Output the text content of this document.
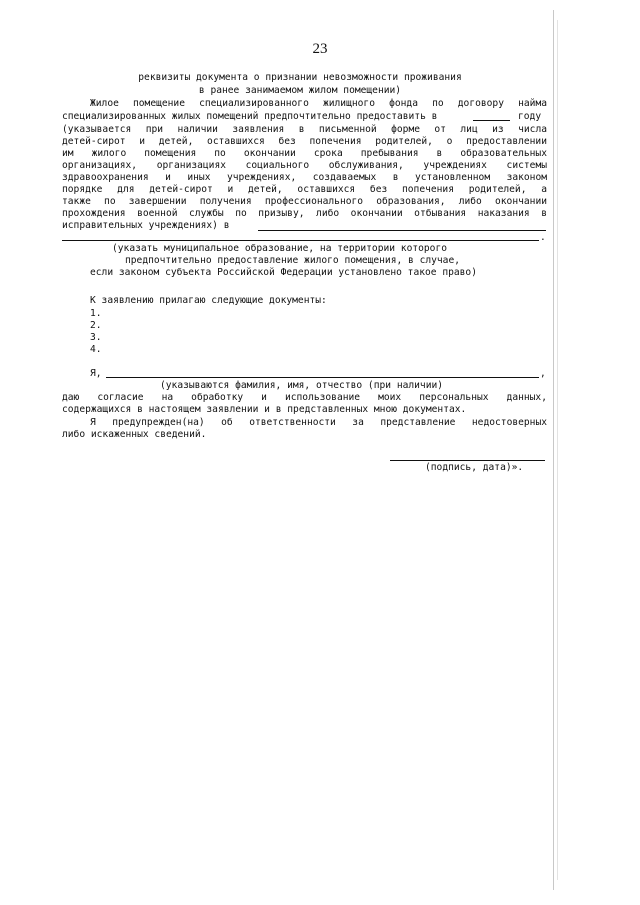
23
реквизиты документа о признании невозможности проживания
в ранее занимаемом жилом помещении)
Жилое помещение специализированного жилищного фонда по договору найма
специализированных жилых помещений предпочтительно предоставить в	году
(указывается при наличии заявления в письменной форме от лиц из числа
детей-сирот и детей, оставшихся без попечения родителей, о предоставлении
им жилого помещения по окончании срока пребывания в образовательных
организациях, организациях социального обслуживания, учреждениях системы
здравоохранения и иных учреждениях, создаваемых в установленном законом
порядке для детей-сирот и детей, оставшихся без попечения родителей, а
также по завершении получения профессионального образования, либо окончании
прохождения военной службы по призыву, либо окончании отбывания наказания в
исправительных учреждениях) в
.
(указать муниципальное образование, на территории которого
предпочтительно предоставление жилого помещения, в случае,
если законом субъекта Российской Федерации установлено такое право)
К заявлению прилагаю следующие документы:
1.
2.
3.
4.
Я,	,
(указываются фамилия, имя, отчество (при наличии)
даю согласие на обработку и использование моих персональных данных,
содержащихся в настоящем заявлении и в представленных мною документах.
Я предупрежден(на) об ответственности за представление недостоверных
либо искаженных сведений.
(подпись, дата)».
